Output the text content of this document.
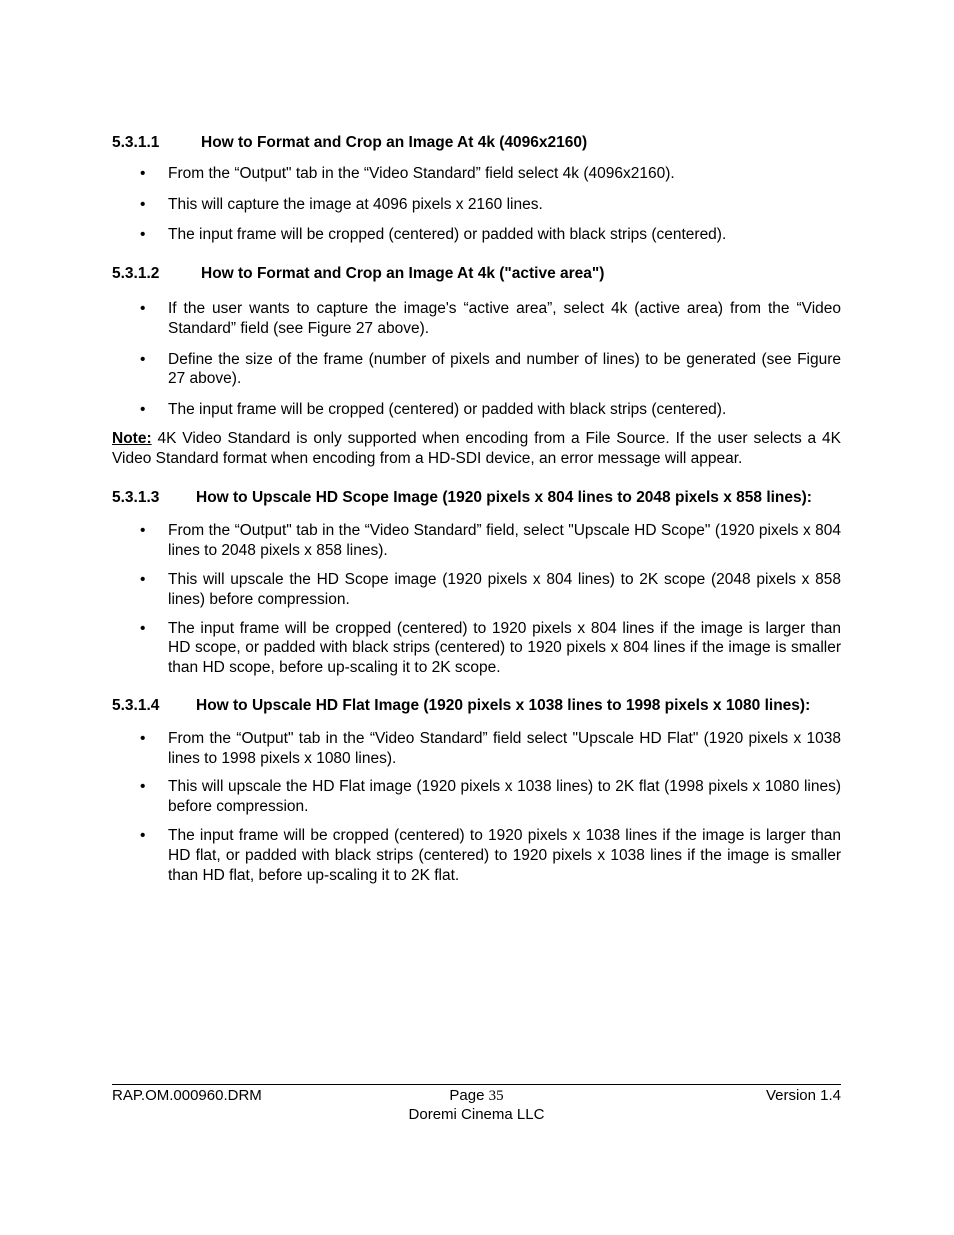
5.3.1.1	How to Format and Crop an Image At 4k (4096x2160)
• From the “Output" tab in the “Video Standard” field select 4k (4096x2160).
• This will capture the image at 4096 pixels x 2160 lines.
• The input frame will be cropped (centered) or padded with black strips (centered).
5.3.1.2	How to Format and Crop an Image At 4k ("active area")
• If the user wants to capture the image's “active area”, select 4k (active area) from the “Video Standard” field (see Figure 27 above).
• Define the size of the frame (number of pixels and number of lines) to be generated (see Figure 27 above).
• The input frame will be cropped (centered) or padded with black strips (centered).

Note: 4K Video Standard is only supported when encoding from a File Source. If the user selects a 4K Video Standard format when encoding from a HD-SDI device, an error message will appear.

5.3.1.3	How to Upscale HD Scope Image (1920 pixels x 804 lines to 2048 pixels x 858 lines):
• From the “Output" tab in the “Video Standard” field, select "Upscale HD Scope" (1920 pixels x 804 lines to 2048 pixels x 858 lines).
• This will upscale the HD Scope image (1920 pixels x 804 lines) to 2K scope (2048 pixels x 858 lines) before compression.
• The input frame will be cropped (centered) to 1920 pixels x 804 lines if the image is larger than HD scope, or padded with black strips (centered) to 1920 pixels x 804 lines if the image is smaller than HD scope, before up-scaling it to 2K scope.
5.3.1.4	How to Upscale HD Flat Image (1920 pixels x 1038 lines to 1998 pixels x 1080 lines):
• From the “Output" tab in the “Video Standard” field select "Upscale HD Flat" (1920 pixels x 1038 lines to 1998 pixels x 1080 lines).
• This will upscale the HD Flat image (1920 pixels x 1038 lines) to 2K flat (1998 pixels x 1080 lines) before compression.
• The input frame will be cropped (centered) to 1920 pixels x 1038 lines if the image is larger than HD flat, or padded with black strips (centered) to 1920 pixels x 1038 lines if the image is smaller than HD flat, before up-scaling it to 2K flat.
RAP.OM.000960.DRM	Page 35	Version 1.4
Doremi Cinema LLC
